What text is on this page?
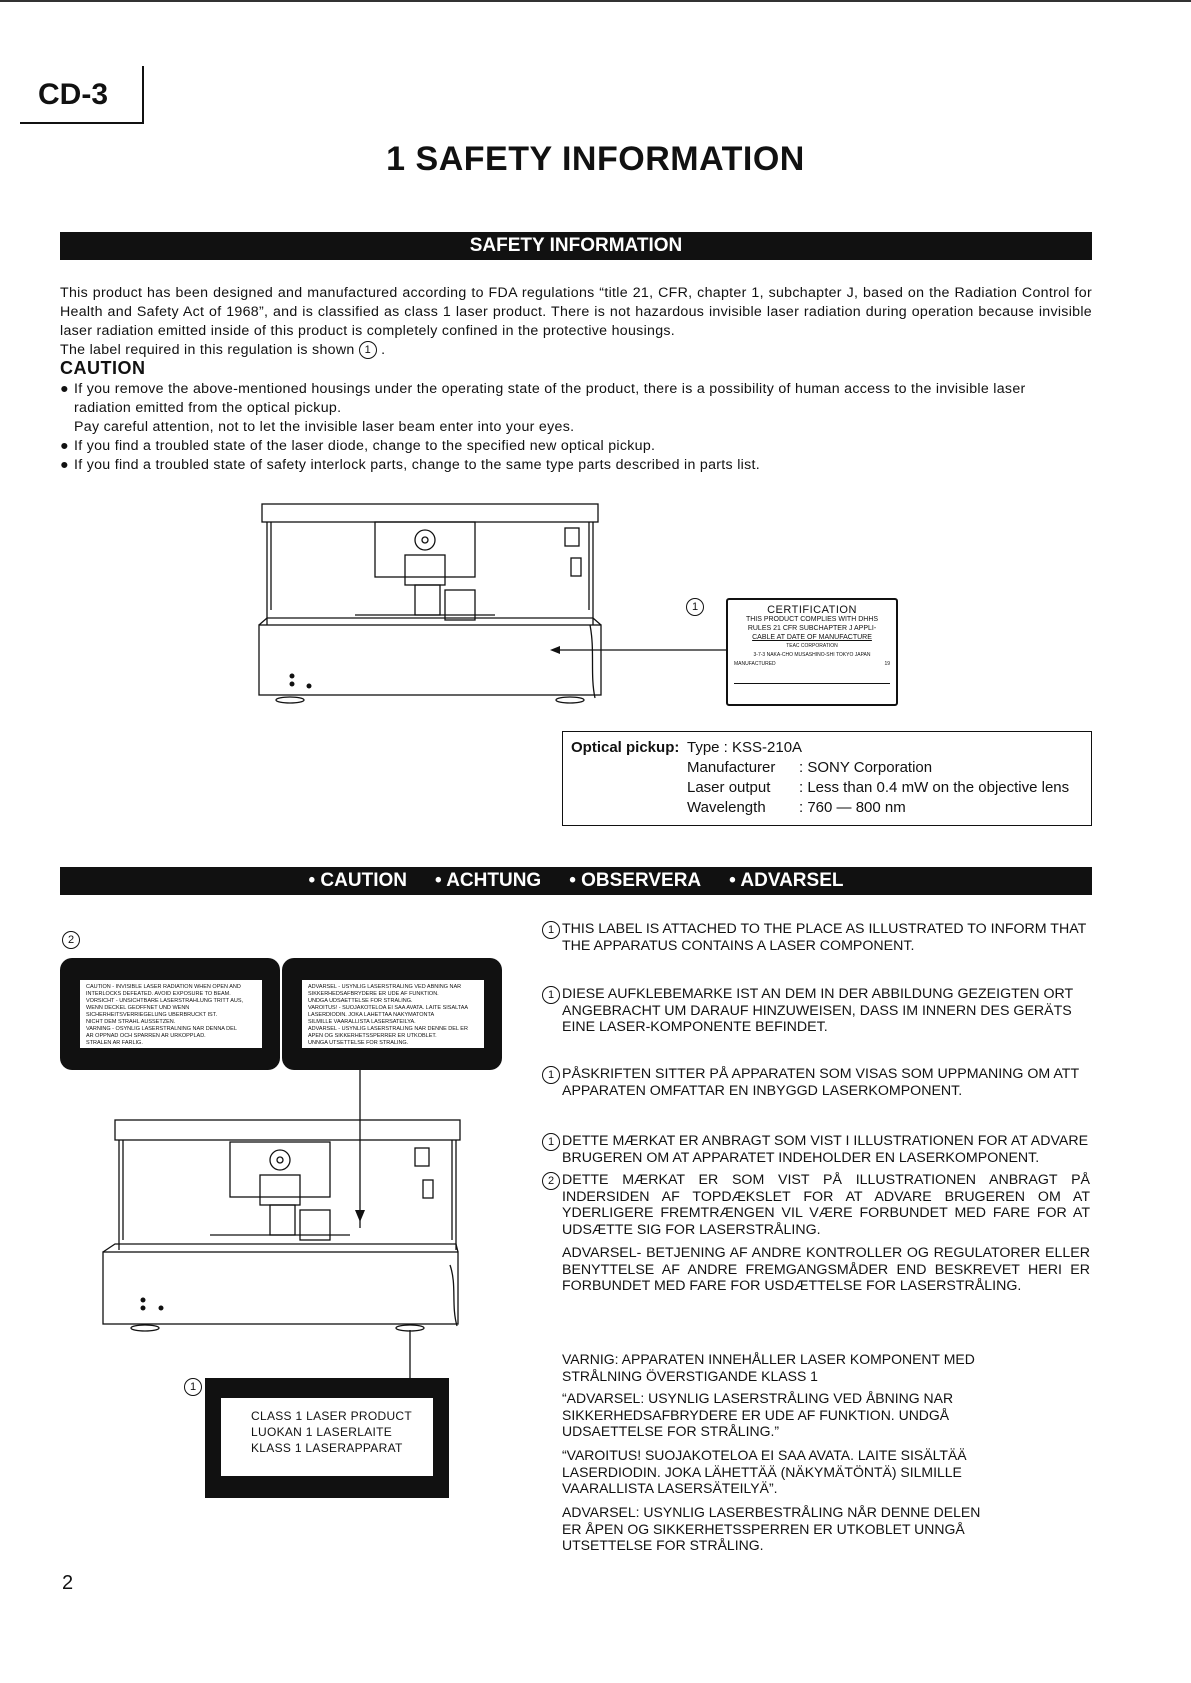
CD-3
1 SAFETY INFORMATION
SAFETY INFORMATION
This product has been designed and manufactured according to FDA regulations “title 21, CFR, chapter 1, subchapter J, based on the Radiation Control for Health and Safety Act of 1968”, and is classified as class 1 laser product. There is not hazardous invisible laser radiation during operation because invisible laser radiation emitted inside of this product is completely confined in the protective housings.
The label required in this regulation is shown 1 .
CAUTION
● If you remove the above-mentioned housings under the operating state of the product, there is a possibility of human access to the invisible laser radiation emitted from the optical pickup.
Pay careful attention, not to let the invisible laser beam enter into your eyes.
● If you find a troubled state of the laser diode, change to the specified new optical pickup.
● If you find a troubled state of safety interlock parts, change to the same type parts described in parts list.
1	CERTIFICATION
THIS PRODUCT COMPLIES WITH DHHS
RULES 21 CFR SUBCHAPTER J APPLI-
CABLE AT DATE OF MANUFACTURE
TEAC CORPORATION
3-7-3 NAKA-CHO MUSASHINO-SHI TOKYO JAPAN
MANUFACTURED	19
Optical pickup:	Type : KSS-210A	
	Manufacturer	: SONY Corporation
	Laser output	: Less than 0.4 mW on the objective lens
	Wavelength	: 760 — 800 nm
• CAUTION • ACHTUNG • OBSERVERA • ADVARSEL
2
CAUTION - INVISIBLE LASER RADIATION WHEN OPEN AND
INTERLOCKS DEFEATED. AVOID EXPOSURE TO BEAM.
VORSICHT - UNSICHTBARE LASERSTRAHLUNG TRITT AUS,
WENN DECKEL GEOFFNET UND WENN
SICHERHEITSVERRIEGELUNG UBERBRUCKT IST.
NICHT DEM STRAHL AUSSETZEN.
VARNING - OSYNLIG LASERSTRALNING NAR DENNA DEL
AR OPPNAD OCH SPARREN AR URKOPPLAD.
STRALEN AR FARLIG.
ADVARSEL - USYNLIG LASERSTRALING VED ABNING NAR
SIKKERHEDSAFBRYDERE ER UDE AF FUNKTION.
UNDGA UDSAETTELSE FOR STRALING.
VAROITUS! - SUOJAKOTELOA EI SAA AVATA. LAITE SISALTAA
LASERDIODIN. JOKA LAHETTAA NAKYMATONTA
SILMILLE VAARALLISTA LASERSATEILYA.
ADVARSEL - USYNLIG LASERSTRALING NAR DENNE DEL ER
APEN OG SIKKERHETSSPERRER ER UTKOBLET.
UNNGA UTSETTELSE FOR STRALING.
1
CLASS 1 LASER PRODUCT
LUOKAN 1 LASERLAITE
KLASS 1 LASERAPPARAT
1 THIS LABEL IS ATTACHED TO THE PLACE AS ILLUSTRATED TO INFORM THAT THE APPARATUS CONTAINS A LASER COMPONENT.
1 DIESE AUFKLEBEMARKE IST AN DEM IN DER ABBILDUNG GEZEIGTEN ORT ANGEBRACHT UM DARAUF HINZUWEISEN, DASS IM INNERN DES GERÄTS EINE LASER-KOMPONENTE BEFINDET.
1 PÅSKRIFTEN SITTER PÅ APPARATEN SOM VISAS SOM UPPMANING OM ATT APPARATEN OMFATTAR EN INBYGGD LASERKOMPONENT.
1 DETTE MÆRKAT ER ANBRAGT SOM VIST I ILLUSTRATIONEN FOR AT ADVARE BRUGEREN OM AT APPARATET INDEHOLDER EN LASERKOMPONENT.
2 DETTE MÆRKAT ER SOM VIST PÅ ILLUSTRATIONEN ANBRAGT PÅ INDERSIDEN AF TOPDÆKSLET FOR AT ADVARE BRUGEREN OM AT YDERLIGERE FREMTRÆNGEN VIL VÆRE FORBUNDET MED FARE FOR AT UDSÆTTE SIG FOR LASERSTRÅLING.
ADVARSEL- BETJENING AF ANDRE KONTROLLER OG REGULATORER ELLER BENYTTELSE AF ANDRE FREMGANGSMÅDER END BESKREVET HERI ER FORBUNDET MED FARE FOR USDÆTTELSE FOR LASERSTRÅLING.
VARNIG: APPARATEN INNEHÅLLER LASER KOMPONENT MED STRÅLNING ÖVERSTIGANDE KLASS 1
“ADVARSEL: USYNLIG LASERSTRÅLING VED ÅBNING NAR SIKKERHEDSAFBRYDERE ER UDE AF FUNKTION. UNDGÅ UDSAETTELSE FOR STRÅLING.”
“VAROITUS! SUOJAKOTELOA EI SAA AVATA. LAITE SISÄLTÄÄ LASERDIODIN. JOKA LÄHETTÄÄ (NÄKYMÄTÖNTÄ) SILMILLE VAARALLISTA LASERSÄTEILYÄ”.
ADVARSEL: USYNLIG LASERBESTRÅLING NÅR DENNE DELEN ER ÅPEN OG SIKKERHETSSPERREN ER UTKOBLET UNNGÅ UTSETTELSE FOR STRÅLING.
2
